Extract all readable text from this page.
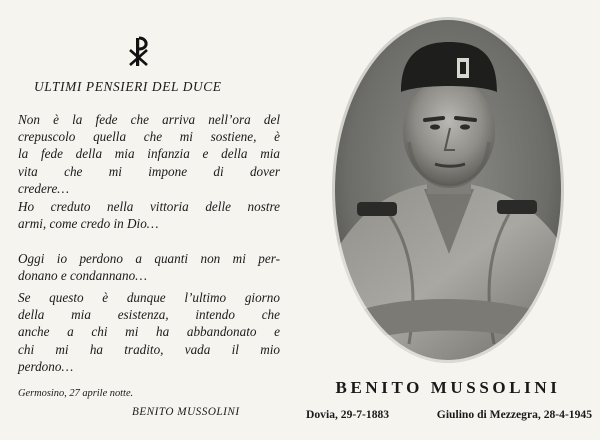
ULTIMI PENSIERI DEL DUCE
Non è la fede che arriva nell’ora del
crepuscolo quella che mi sostiene, è
la fede della mia infanzia e della mia
vita che mi impone di dover
credere…
Ho creduto nella vittoria delle nostre
armi, come credo in Dio…
Oggi io perdono a quanti non mi per-
donano e condannano…
Se questo è dunque l’ultimo giorno
della mia esistenza, intendo che
anche a chi mi ha abbandonato e
chi mi ha tradito, vada il mio
perdono…
Germosino, 27 aprile notte.
BENITO MUSSOLINI
BENITO MUSSOLINI
Dovia, 29-7-1883	Giulino di Mezzegra, 28-4-1945
